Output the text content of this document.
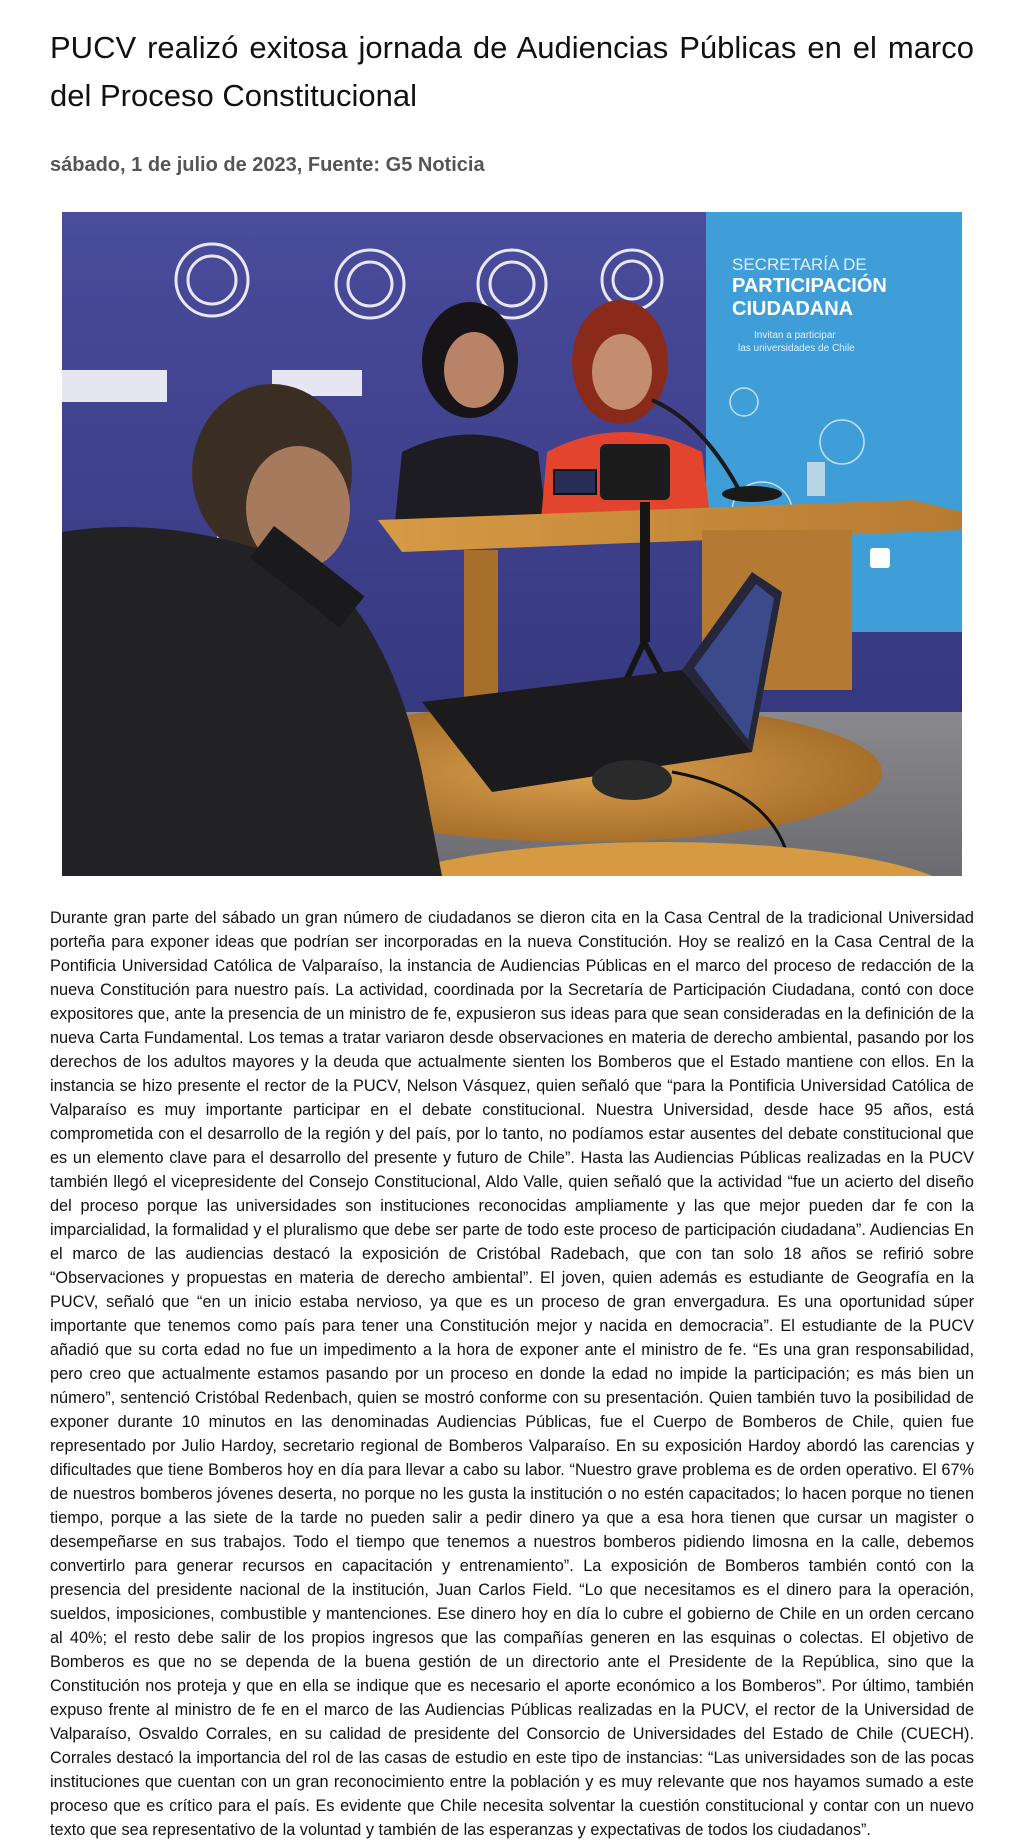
PUCV realizó exitosa jornada de Audiencias Públicas en el marco del Proceso Constitucional

sábado, 1 de julio de 2023, Fuente: G5 Noticia

SECRETARÍA DE
PARTICIPACIÓN
CIUDADANA
Invitan a participar
las universidades de Chile

Durante gran parte del sábado un gran número de ciudadanos se dieron cita en la Casa Central de la tradicional Universidad porteña para exponer ideas que podrían ser incorporadas en la nueva Constitución. Hoy se realizó en la Casa Central de la Pontificia Universidad Católica de Valparaíso, la instancia de Audiencias Públicas en el marco del proceso de redacción de la nueva Constitución para nuestro país. La actividad, coordinada por la Secretaría de Participación Ciudadana, contó con doce expositores que, ante la presencia de un ministro de fe, expusieron sus ideas para que sean consideradas en la definición de la nueva Carta Fundamental. Los temas a tratar variaron desde observaciones en materia de derecho ambiental, pasando por los derechos de los adultos mayores y la deuda que actualmente sienten los Bomberos que el Estado mantiene con ellos. En la instancia se hizo presente el rector de la PUCV, Nelson Vásquez, quien señaló que “para la Pontificia Universidad Católica de Valparaíso es muy importante participar en el debate constitucional. Nuestra Universidad, desde hace 95 años, está comprometida con el desarrollo de la región y del país, por lo tanto, no podíamos estar ausentes del debate constitucional que es un elemento clave para el desarrollo del presente y futuro de Chile”. Hasta las Audiencias Públicas realizadas en la PUCV también llegó el vicepresidente del Consejo Constitucional, Aldo Valle, quien señaló que la actividad “fue un acierto del diseño del proceso porque las universidades son instituciones reconocidas ampliamente y las que mejor pueden dar fe con la imparcialidad, la formalidad y el pluralismo que debe ser parte de todo este proceso de participación ciudadana”. Audiencias En el marco de las audiencias destacó la exposición de Cristóbal Radebach, que con tan solo 18 años se refirió sobre “Observaciones y propuestas en materia de derecho ambiental”. El joven, quien además es estudiante de Geografía en la PUCV, señaló que “en un inicio estaba nervioso, ya que es un proceso de gran envergadura. Es una oportunidad súper importante que tenemos como país para tener una Constitución mejor y nacida en democracia”. El estudiante de la PUCV añadió que su corta edad no fue un impedimento a la hora de exponer ante el ministro de fe. “Es una gran responsabilidad, pero creo que actualmente estamos pasando por un proceso en donde la edad no impide la participación; es más bien un número”, sentenció Cristóbal Redenbach, quien se mostró conforme con su presentación. Quien también tuvo la posibilidad de exponer durante 10 minutos en las denominadas Audiencias Públicas, fue el Cuerpo de Bomberos de Chile, quien fue representado por Julio Hardoy, secretario regional de Bomberos Valparaíso. En su exposición Hardoy abordó las carencias y dificultades que tiene Bomberos hoy en día para llevar a cabo su labor. “Nuestro grave problema es de orden operativo. El 67% de nuestros bomberos jóvenes deserta, no porque no les gusta la institución o no estén capacitados; lo hacen porque no tienen tiempo, porque a las siete de la tarde no pueden salir a pedir dinero ya que a esa hora tienen que cursar un magister o desempeñarse en sus trabajos. Todo el tiempo que tenemos a nuestros bomberos pidiendo limosna en la calle, debemos convertirlo para generar recursos en capacitación y entrenamiento”. La exposición de Bomberos también contó con la presencia del presidente nacional de la institución, Juan Carlos Field. “Lo que necesitamos es el dinero para la operación, sueldos, imposiciones, combustible y mantenciones. Ese dinero hoy en día lo cubre el gobierno de Chile en un orden cercano al 40%; el resto debe salir de los propios ingresos que las compañías generen en las esquinas o colectas. El objetivo de Bomberos es que no se dependa de la buena gestión de un directorio ante el Presidente de la República, sino que la Constitución nos proteja y que en ella se indique que es necesario el aporte económico a los Bomberos”. Por último, también expuso frente al ministro de fe en el marco de las Audiencias Públicas realizadas en la PUCV, el rector de la Universidad de Valparaíso, Osvaldo Corrales, en su calidad de presidente del Consorcio de Universidades del Estado de Chile (CUECH). Corrales destacó la importancia del rol de las casas de estudio en este tipo de instancias: “Las universidades son de las pocas instituciones que cuentan con un gran reconocimiento entre la población y es muy relevante que nos hayamos sumado a este proceso que es crítico para el país. Es evidente que Chile necesita solventar la cuestión constitucional y contar con un nuevo texto que sea representativo de la voluntad y también de las esperanzas y expectativas de todos los ciudadanos”.
